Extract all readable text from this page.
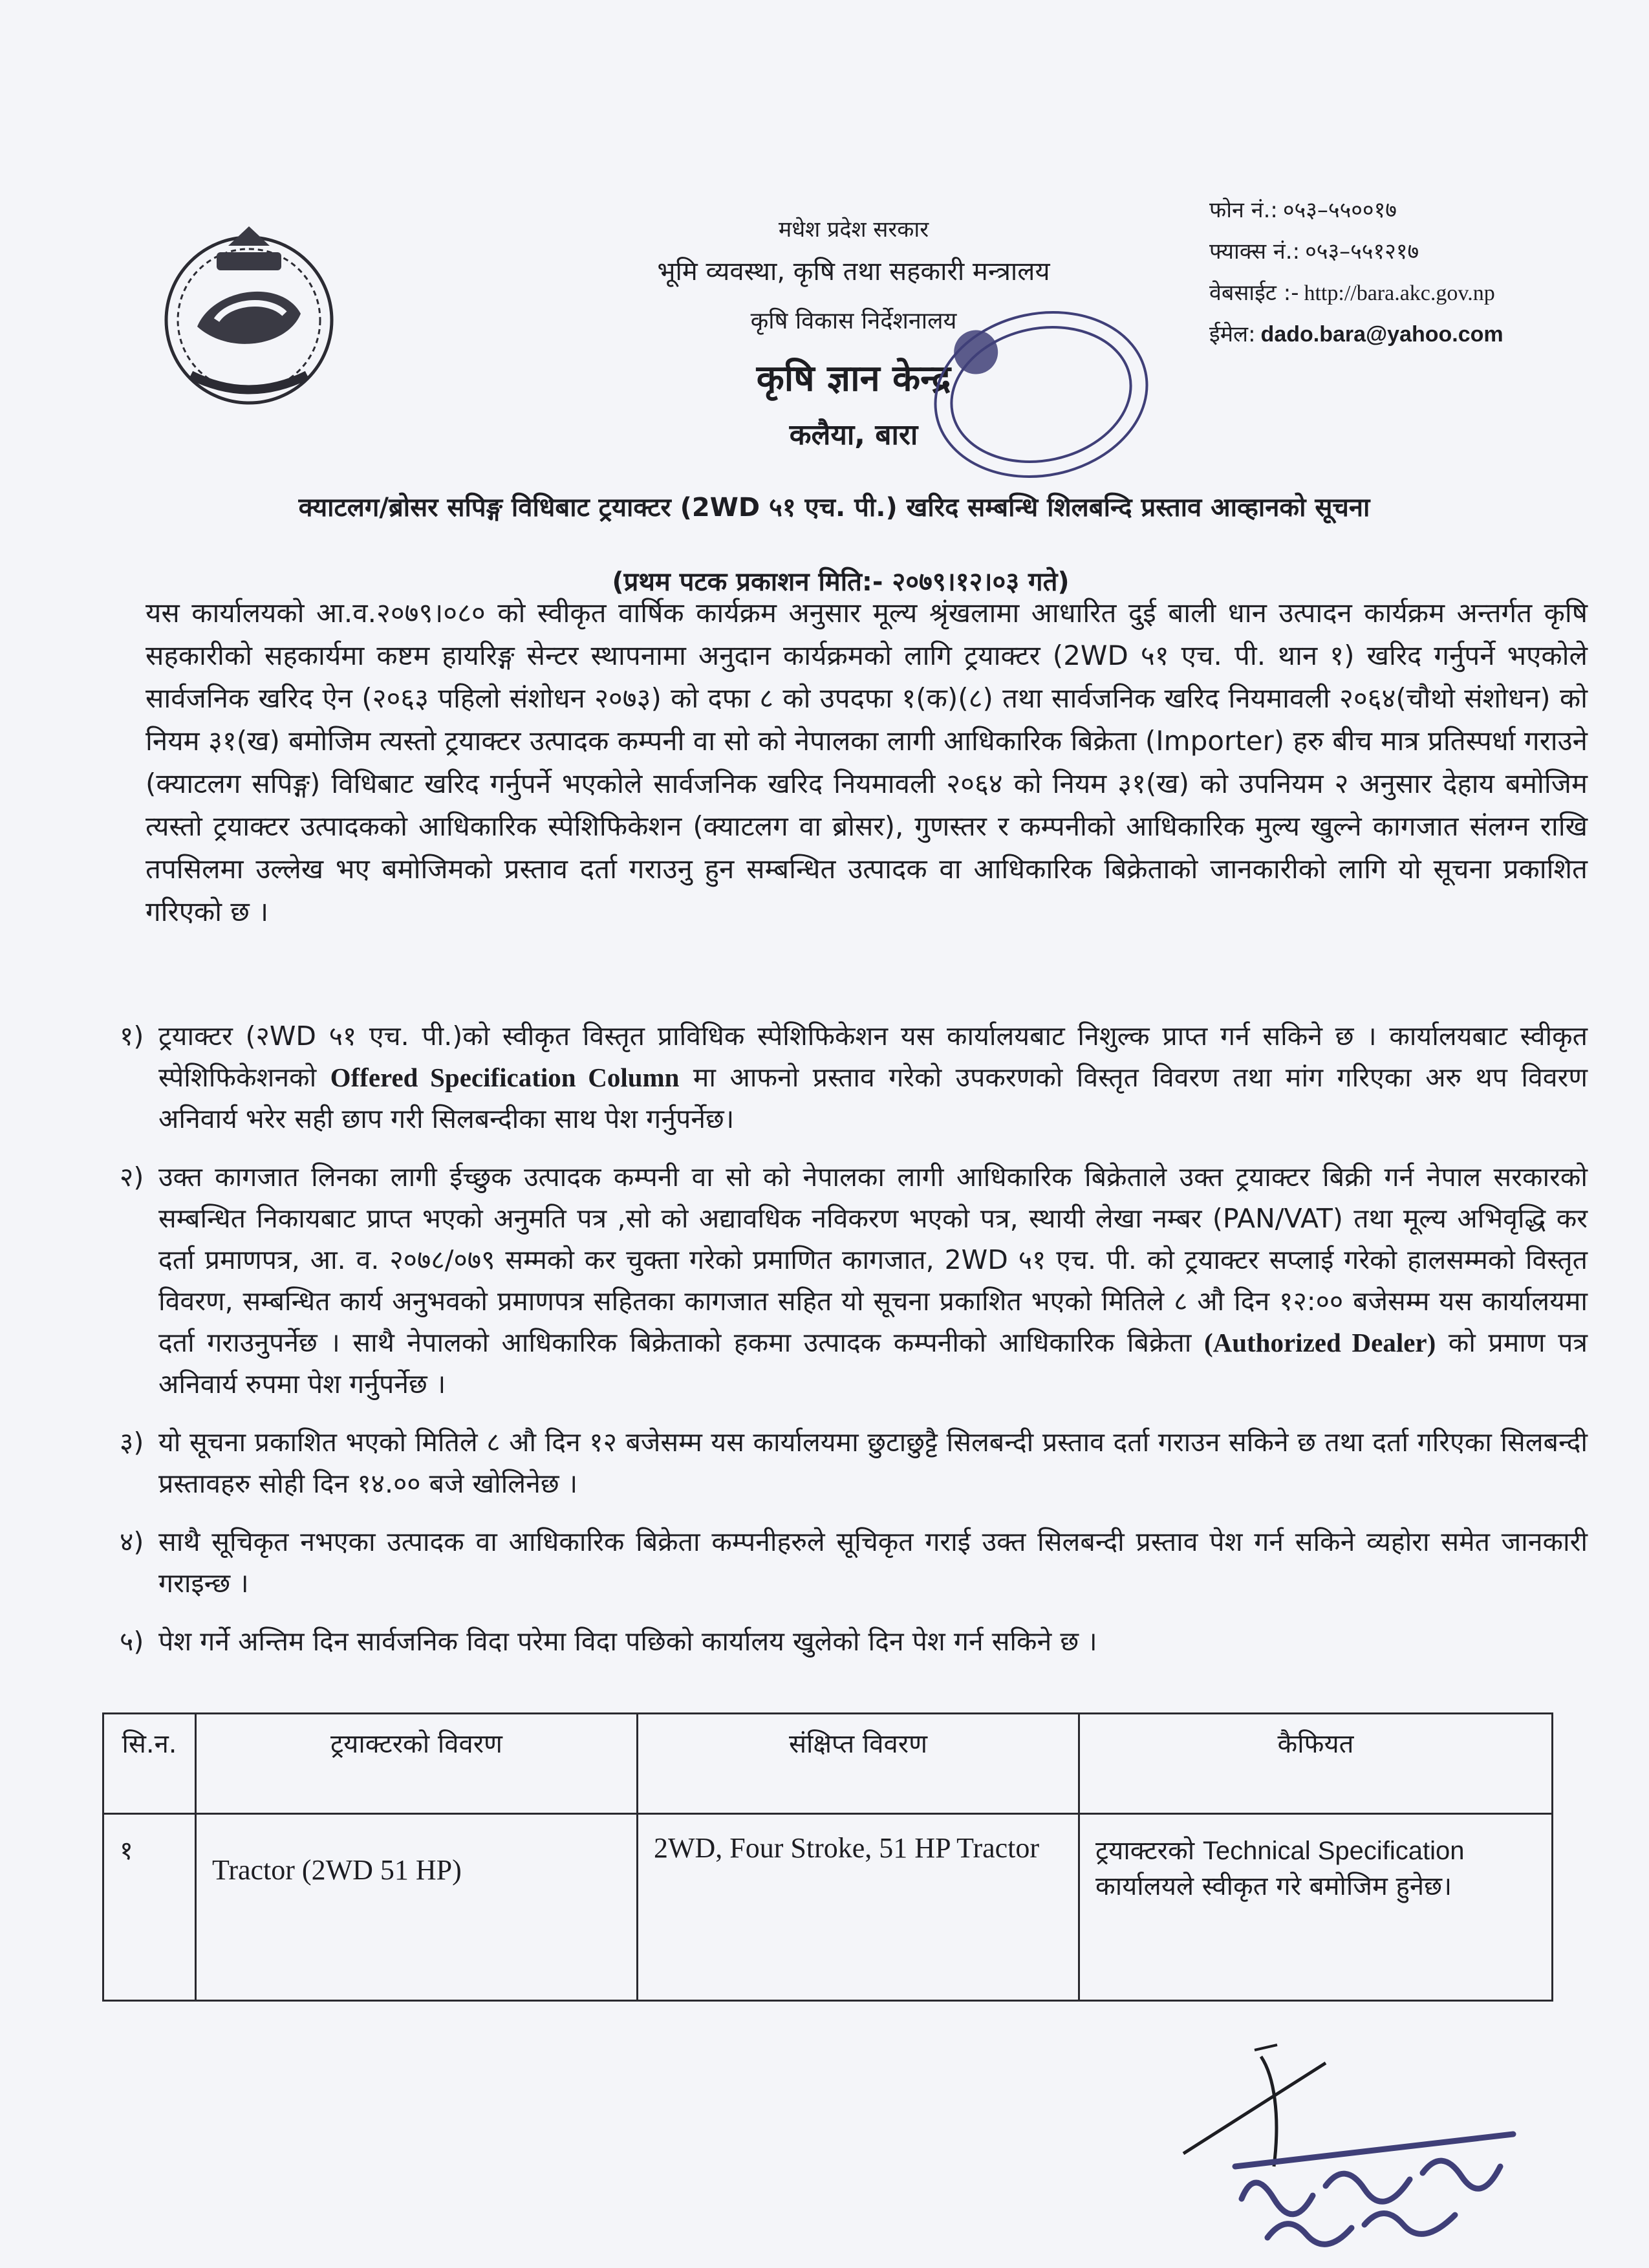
मधेश प्रदेश सरकार
भूमि व्यवस्था, कृषि तथा सहकारी मन्त्रालय
कृषि विकास निर्देशनालय
कृषि ज्ञान केन्द्र
कलैया, बारा
फोन नं.: ०५३–५५००१७
फ्याक्स नं.: ०५३–५५१२१७
वेबसाईट :- http://bara.akc.gov.np
ईमेल: dado.bara@yahoo.com
क्याटलग/ब्रोसर सपिङ्ग विधिबाट ट्रयाक्टर (2WD ५१ एच. पी.) खरिद सम्बन्धि शिलबन्दि प्रस्ताव आव्हानको सूचना
(प्रथम पटक प्रकाशन मिति:- २०७९।१२।०३ गते)
यस कार्यालयको आ.व.२०७९।०८० को स्वीकृत वार्षिक कार्यक्रम अनुसार मूल्य श्रृंखलामा आधारित दुई बाली धान उत्पादन कार्यक्रम अन्तर्गत कृषि सहकारीको सहकार्यमा कष्टम हायरिङ्ग सेन्टर स्थापनामा अनुदान कार्यक्रमको लागि ट्रयाक्टर (2WD ५१ एच. पी. थान १) खरिद गर्नुपर्ने भएकोले सार्वजनिक खरिद ऐन (२०६३ पहिलो संशोधन २०७३) को दफा ८ को उपदफा १(क)(८) तथा सार्वजनिक खरिद नियमावली २०६४(चौथो संशोधन) को नियम ३१(ख) बमोजिम त्यस्तो ट्रयाक्टर उत्पादक कम्पनी वा सो को नेपालका लागी आधिकारिक बिक्रेता (Importer) हरु बीच मात्र प्रतिस्पर्धा गराउने (क्याटलग सपिङ्ग) विधिबाट खरिद गर्नुपर्ने भएकोले सार्वजनिक खरिद नियमावली २०६४ को नियम ३१(ख) को उपनियम २ अनुसार देहाय बमोजिम त्यस्तो ट्रयाक्टर उत्पादकको आधिकारिक स्पेशिफिकेशन (क्याटलग वा ब्रोसर), गुणस्तर र कम्पनीको आधिकारिक मुल्य खुल्ने कागजात संलग्न राखि तपसिलमा उल्लेख भए बमोजिमको प्रस्ताव दर्ता गराउनु हुन सम्बन्धित उत्पादक वा आधिकारिक बिक्रेताको जानकारीको लागि यो सूचना प्रकाशित गरिएको छ ।
१) ट्रयाक्टर (२WD ५१ एच. पी.)को स्वीकृत विस्तृत प्राविधिक स्पेशिफिकेशन यस कार्यालयबाट निशुल्क प्राप्त गर्न सकिने छ । कार्यालयबाट स्वीकृत स्पेशिफिकेशनको Offered Specification Column मा आफनो प्रस्ताव गरेको उपकरणको विस्तृत विवरण तथा मांग गरिएका अरु थप विवरण अनिवार्य भरेर सही छाप गरी सिलबन्दीका साथ पेश गर्नुपर्नेछ।
२) उक्त कागजात लिनका लागी ईच्छुक उत्पादक कम्पनी वा सो को नेपालका लागी आधिकारिक बिक्रेताले उक्त ट्रयाक्टर बिक्री गर्न नेपाल सरकारको सम्बन्धित निकायबाट प्राप्त भएको अनुमति पत्र ,सो को अद्यावधिक नविकरण भएको पत्र, स्थायी लेखा नम्बर (PAN/VAT) तथा मूल्य अभिवृद्धि कर दर्ता प्रमाणपत्र, आ. व. २०७८/०७९ सम्मको कर चुक्ता गरेको प्रमाणित कागजात, 2WD ५१ एच. पी. को ट्रयाक्टर सप्लाई गरेको हालसम्मको विस्तृत विवरण, सम्बन्धित कार्य अनुभवको प्रमाणपत्र सहितका कागजात सहित यो सूचना प्रकाशित भएको मितिले ८ औ दिन १२:०० बजेसम्म यस कार्यालयमा दर्ता गराउनुपर्नेछ । साथै नेपालको आधिकारिक बिक्रेताको हकमा उत्पादक कम्पनीको आधिकारिक बिक्रेता (Authorized Dealer) को प्रमाण पत्र अनिवार्य रुपमा पेश गर्नुपर्नेछ ।
३) यो सूचना प्रकाशित भएको मितिले ८ औ दिन १२ बजेसम्म यस कार्यालयमा छुटाछुट्टै सिलबन्दी प्रस्ताव दर्ता गराउन सकिने छ तथा दर्ता गरिएका सिलबन्दी प्रस्तावहरु सोही दिन १४.०० बजे खोलिनेछ ।
४) साथै सूचिकृत नभएका उत्पादक वा आधिकारिक बिक्रेता कम्पनीहरुले सूचिकृत गराई उक्त सिलबन्दी प्रस्ताव पेश गर्न सकिने व्यहोरा समेत जानकारी गराइन्छ ।
५) पेश गर्ने अन्तिम दिन सार्वजनिक विदा परेमा विदा पछिको कार्यालय खुलेको दिन पेश गर्न सकिने छ ।
सि.न.	ट्रयाक्टरको विवरण	संक्षिप्त विवरण	कैफियत
१	Tractor (2WD 51 HP)	2WD, Four Stroke, 51 HP Tractor	ट्रयाक्टरको Technical Specification
कार्यालयले स्वीकृत गरे बमोजिम हुनेछ।
